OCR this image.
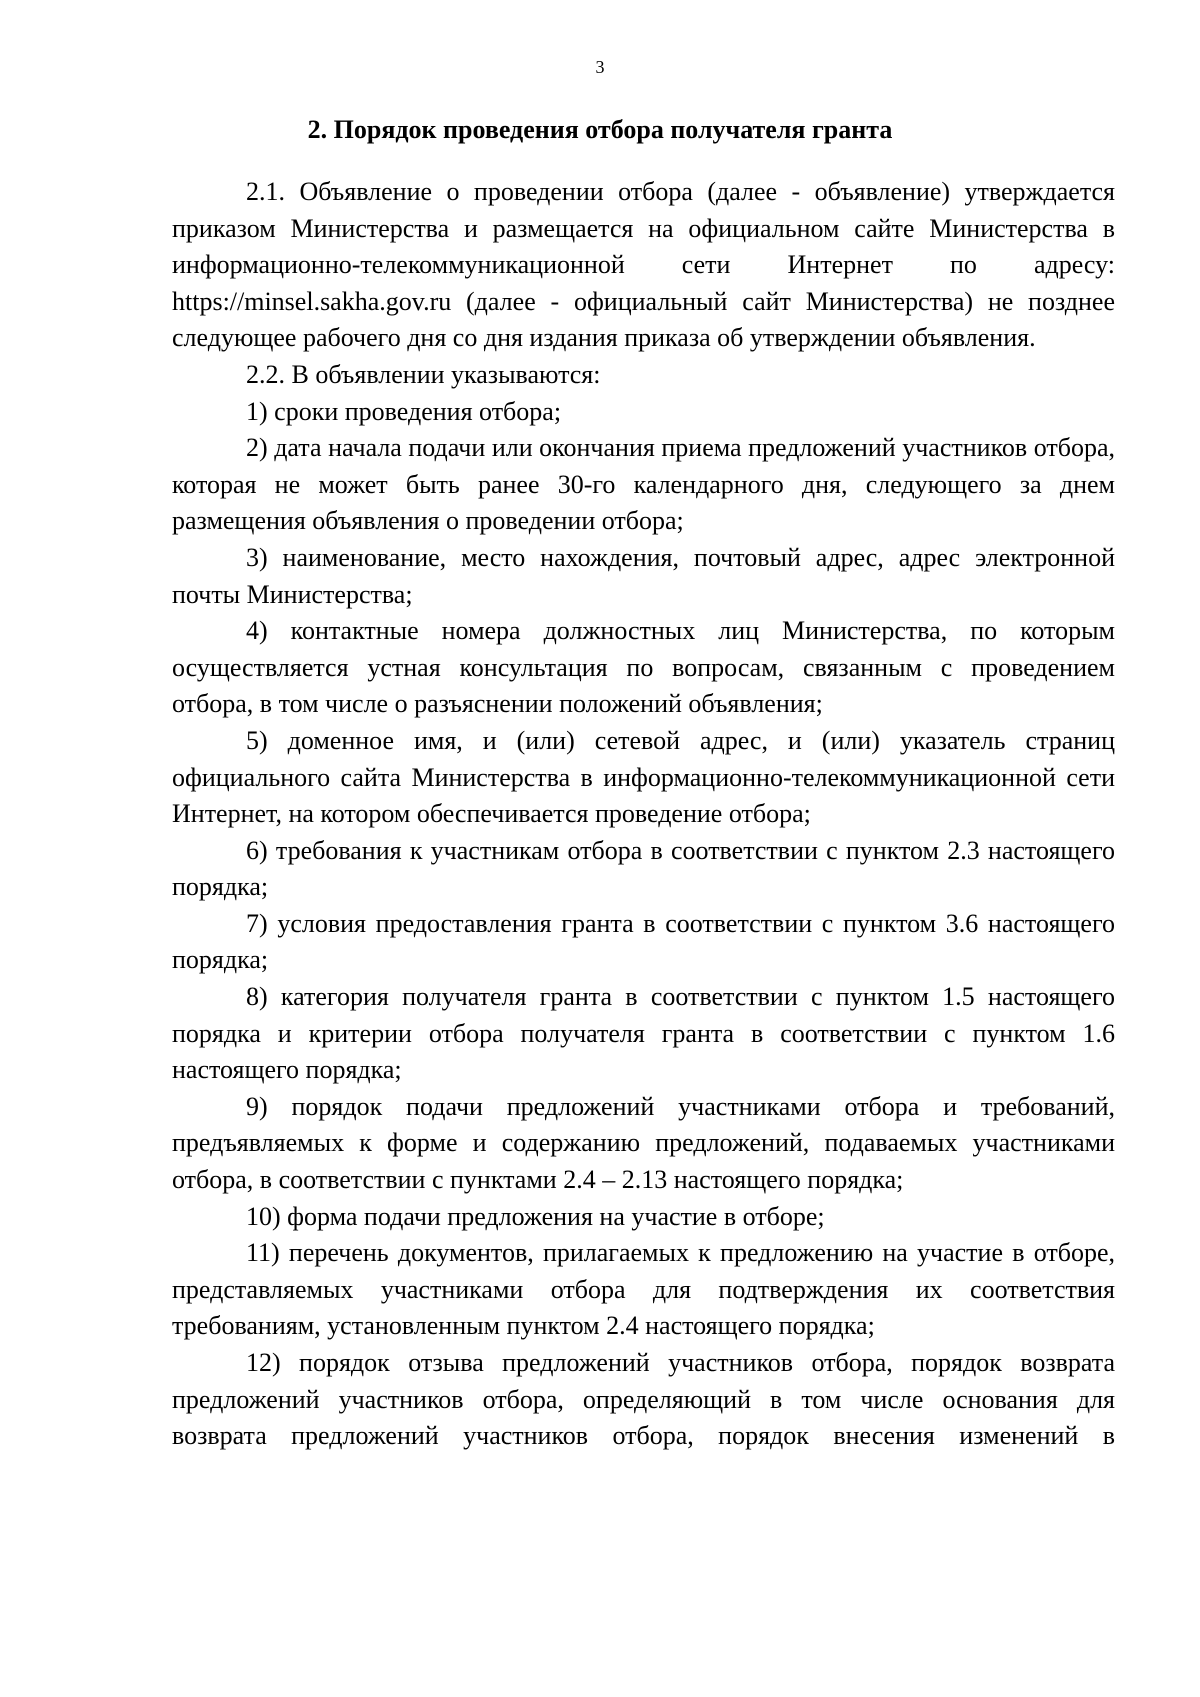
3
2. Порядок проведения отбора получателя гранта

2.1. Объявление о проведении отбора (далее - объявление) утверждается приказом Министерства и размещается на официальном сайте Министерства в информационно-телекоммуникационной сети Интернет по адресу: https://minsel.sakha.gov.ru (далее - официальный сайт Министерства) не позднее следующее рабочего дня со дня издания приказа об утверждении объявления.

2.2. В объявлении указываются:

1) сроки проведения отбора;

2) дата начала подачи или окончания приема предложений участников отбора, которая не может быть ранее 30-го календарного дня, следующего за днем размещения объявления о проведении отбора;

3) наименование, место нахождения, почтовый адрес, адрес электронной почты Министерства;

4) контактные номера должностных лиц Министерства, по которым осуществляется устная консультация по вопросам, связанным с проведением отбора, в том числе о разъяснении положений объявления;

5) доменное имя, и (или) сетевой адрес, и (или) указатель страниц официального сайта Министерства в информационно-телекоммуникационной сети Интернет, на котором обеспечивается проведение отбора;

6) требования к участникам отбора в соответствии с пунктом 2.3 настоящего порядка;

7) условия предоставления гранта в соответствии с пунктом 3.6 настоящего порядка;

8) категория получателя гранта в соответствии с пунктом 1.5 настоящего порядка и критерии отбора получателя гранта в соответствии с пунктом 1.6 настоящего порядка;

9) порядок подачи предложений участниками отбора и требований, предъявляемых к форме и содержанию предложений, подаваемых участниками отбора, в соответствии с пунктами 2.4 – 2.13 настоящего порядка;

10) форма подачи предложения на участие в отборе;

11) перечень документов, прилагаемых к предложению на участие в отборе, представляемых участниками отбора для подтверждения их соответствия требованиям, установленным пунктом 2.4 настоящего порядка;

12) порядок отзыва предложений участников отбора, порядок возврата предложений участников отбора, определяющий в том числе основания для возврата предложений участников отбора, порядок внесения изменений в
